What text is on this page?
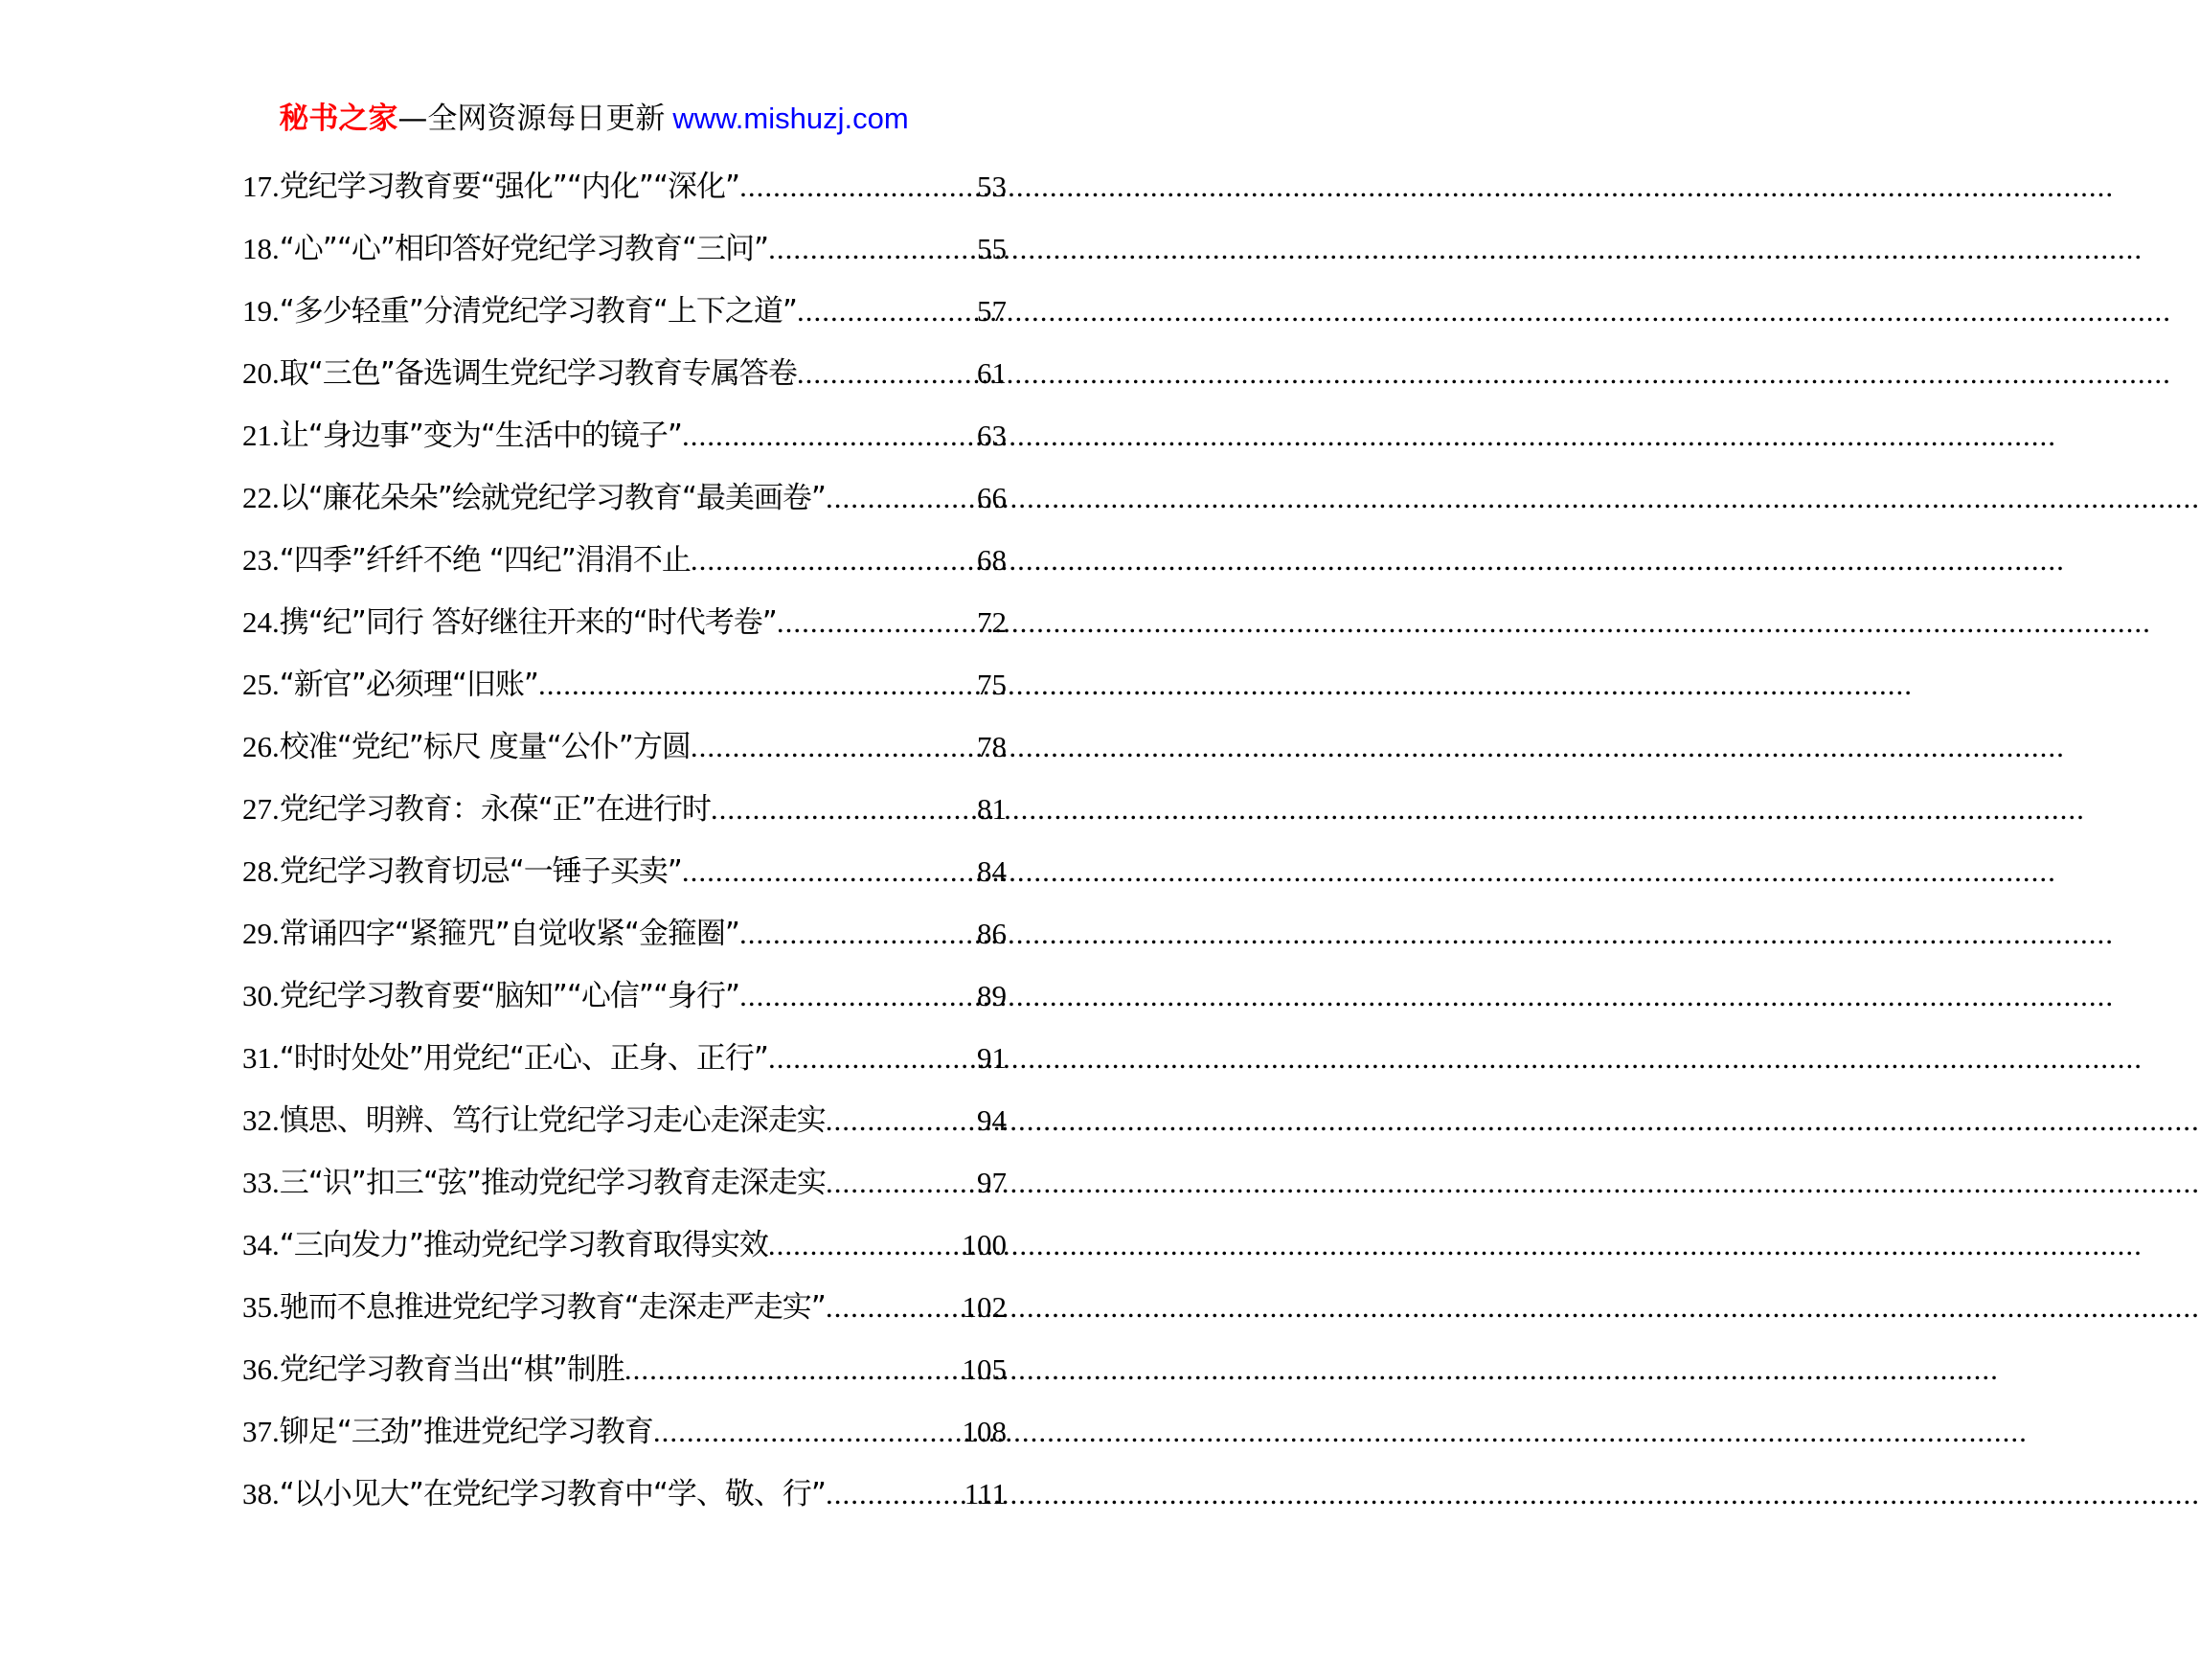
秘书之家—全网资源每日更新 www.mishuzj.com
17. 党纪学习教育要“强化”“内化”“深化” .....	53
18. “心”“心”相印答好党纪学习教育“三问” .....	55
19. “多少轻重”分清党纪学习教育“上下之道” .....	57
20. 取“三色”备选调生党纪学习教育专属答卷 .....	61
21. 让“身边事”变为“生活中的镜子” .....	63
22. 以“廉花朵朵”绘就党纪学习教育“最美画卷” .....	66
23. “四季”纤纤不绝 “四纪”涓涓不止 .....	68
24. 携“纪”同行 答好继往开来的“时代考卷” .....	72
25. “新官”必须理“旧账” .....	75
26. 校准“党纪”标尺 度量“公仆”方圆 .....	78
27. 党纪学习教育：永葆“正”在进行时 .....	81
28. 党纪学习教育切忌“一锤子买卖” .....	84
29. 常诵四字“紧箍咒”自觉收紧“金箍圈” .....	86
30. 党纪学习教育要“脑知”“心信”“身行” .....	89
31. “时时处处”用党纪“正心、正身、正行” .....	91
32. 慎思、明辨、笃行让党纪学习走心走深走实 .....	94
33. 三“识”扣三“弦”推动党纪学习教育走深走实 .....	97
34. “三向发力”推动党纪学习教育取得实效 .....	100
35. 驰而不息推进党纪学习教育“走深走严走实” .....	102
36. 党纪学习教育当出“棋”制胜 .....	105
37. 铆足“三劲”推进党纪学习教育 .....	108
38. “以小见大”在党纪学习教育中“学、敬、行” .....	111
